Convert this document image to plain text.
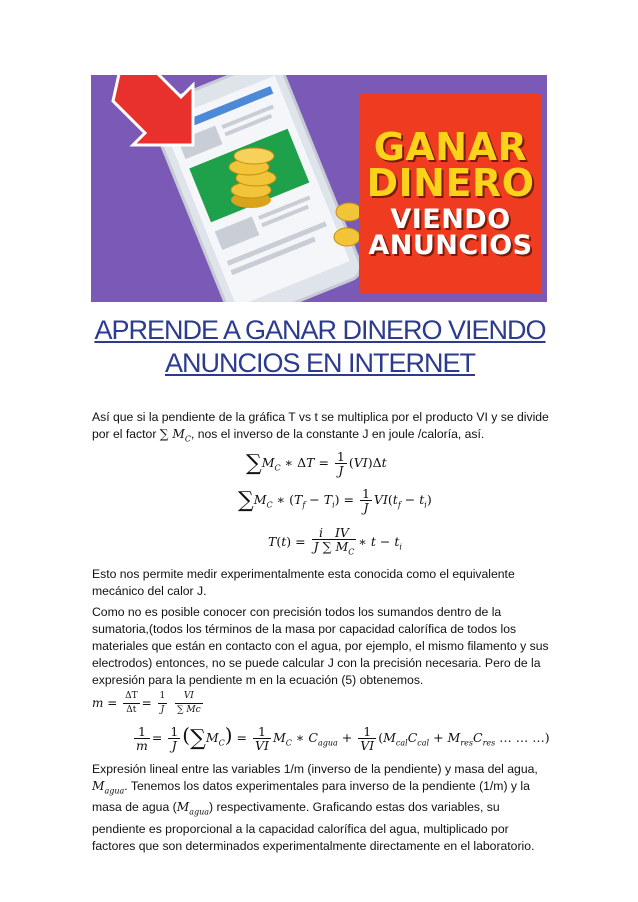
GANAR
DINERO
VIENDO
ANUNCIOS
APRENDE A GANAR DINERO VIENDO ANUNCIOS EN INTERNET

Así que si la pendiente de la gráfica T vs t se multiplica por el producto VI y se divide por el factor ∑ $M_C$, nos el inverso de la constante J en joule /caloría, así.

$\sum M_C$ ∗ $\Delta T = \frac{1}{J} (VI)\Delta t$
$\sum M_C$ ∗ $(T_f - T_i) = \frac{1}{J} VI(t_f - t_i)$
$T(t) = \frac{\text{i   IV}}{J \sum M_C}$ ∗ $t - t_i$

Esto nos permite medir experimentalmente esta conocida como el equivalente mecánico del calor J.

Como no es posible conocer con precisión todos los sumandos dentro de la sumatoria,(todos los términos de la masa por capacidad calorífica de todos los materiales que están en contacto con el agua, por ejemplo, el mismo filamento y sus electrodos) entonces, no se puede calcular J con la precisión necesaria. Pero de la expresión para la pendiente m en la ecuación (5) obtenemos.

$m = \frac{\Delta T}{\Delta t} = \frac{1}{J}$
$\frac{VI}{\sum Mc}$
$\frac{1}{m} = \frac{1}{J} (\sum M_C) = \frac{1}{VI} M_C$ ∗ $C_{agua} + \frac{1}{VI} (M_{cal}C_{cal} + M_{res}C_{res}$ … … …)

Expresión lineal entre las variables 1/m (inverso de la pendiente) y masa del agua, $M_{agua}$. Tenemos los datos experimentales para inverso de la pendiente (1/m) y la masa de agua $(M_{agua})$ respectivamente. Graficando estas dos variables, su pendiente es proporcional a la capacidad calorífica del agua, multiplicado por factores que son determinados experimentalmente directamente en el laboratorio.
